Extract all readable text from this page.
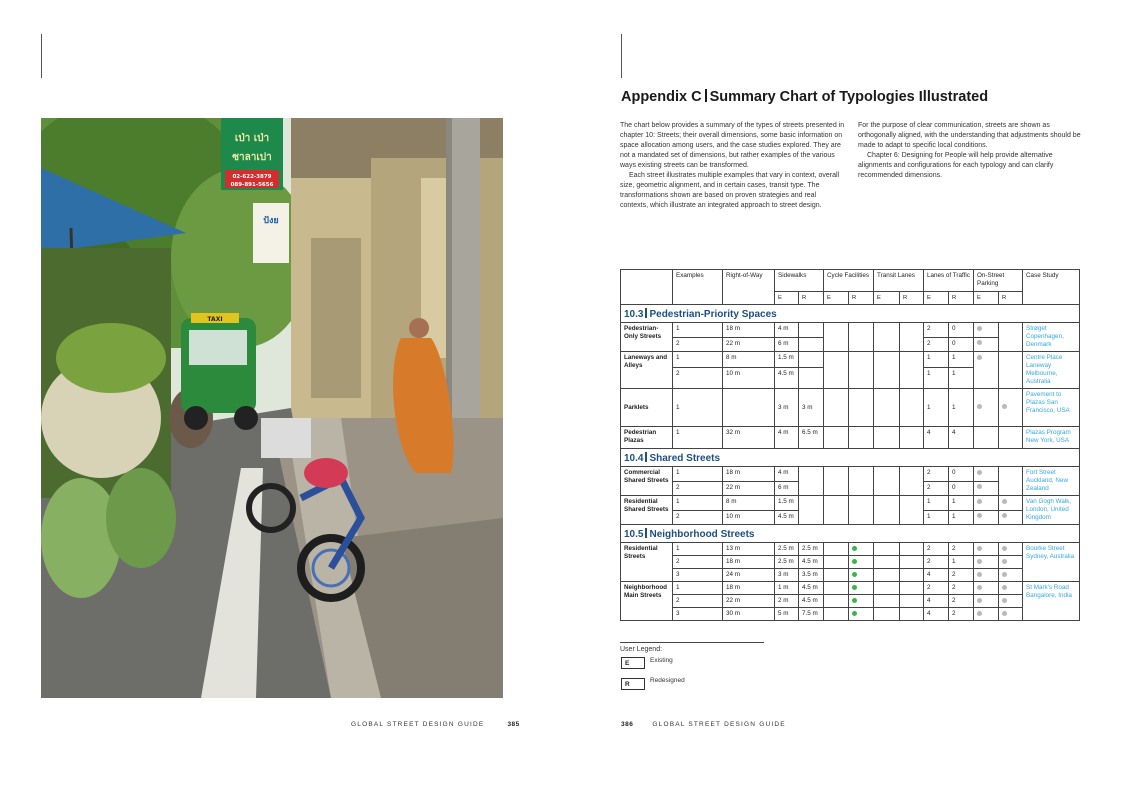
TAXI
เป่า เป่า
ซาลาเปา
02-622-3879
089-891-5656
ปังย
GLOBAL STREET DESIGN GUIDE	385
Appendix C Summary Chart of Typologies Illustrated

The chart below provides a summary of the types of streets presented in chapter 10: Streets; their overall dimensions, some basic information on space allocation among users, and the case studies explored. They are not a mandated set of dimensions, but rather examples of the various ways existing streets can be transformed.

Each street illustrates multiple examples that vary in context, overall size, geometric alignment, and in certain cases, transit type. The transformations shown are based on proven strategies and real contexts, which illustrate an integrated approach to street design.

For the purpose of clear communication, streets are shown as orthogonally aligned, with the understanding that adjustments should be made to adapt to specific local conditions.

Chapter 6: Designing for People will help provide alternative alignments and configurations for each typology and can clarify recommended dimensions.

	Examples	Right-of-Way	Sidewalks		Cycle Facilities		Transit Lanes		Lanes of Traffic		On-Street Parking		Case Study
			E	R	E	R	E	R	E	R	E	R	
10.3 Pedestrian-Priority Spaces													
Pedestrian-Only Streets	1	18 m	4 m						2	0			Strøget Copenhagen, Denmark
	2	22 m	6 m						2	0			
Laneways and Alleys	1	8 m	1.5 m						1	1			Centre Place Laneway Melbourne, Australia
	2	10 m	4.5 m						1	1			
Parklets	1		3 m	3 m					1	1			Pavement to Plazas San Francisco, USA
Pedestrian Plazas	1	32 m	4 m	6.5 m					4	4			Plazas Program New York, USA
10.4 Shared Streets													
Commercial Shared Streets	1	18 m	4 m						2	0			Fort Street Auckland, New Zealand
	2	22 m	6 m						2	0			
Residential Shared Streets	1	8 m	1.5 m						1	1			Van Gogh Walk, London, United Kingdom
	2	10 m	4.5 m						1	1			
10.5 Neighborhood Streets													
Residential Streets	1	13 m	2.5 m	2.5 m					2	2			Bourke Street Sydney, Australia
	2	18 m	2.5 m	4.5 m					2	1			
	3	24 m	3 m	3.5 m					4	2			
Neighborhood Main Streets	1	18 m	1 m	4.5 m					2	2			St Mark's Road Bangalore, India
	2	22 m	2 m	4.5 m					4	2			
	3	30 m	5 m	7.5 m					4	2			
User Legend:
E	Existing
R
Redesigned
386	GLOBAL STREET DESIGN GUIDE
